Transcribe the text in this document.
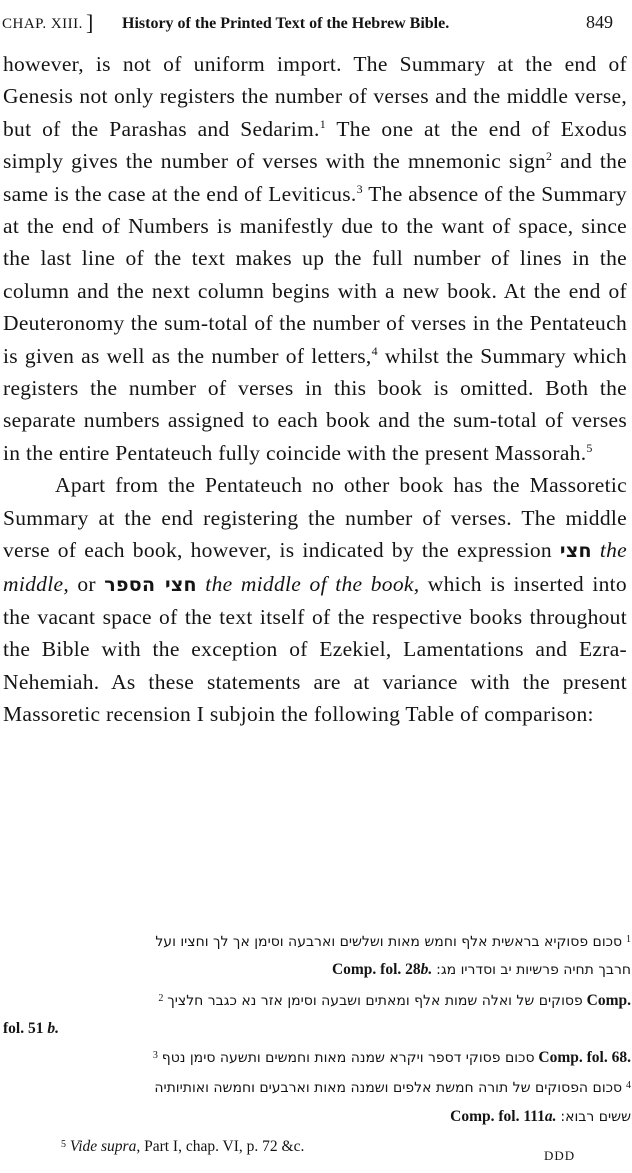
CHAP. XIII. ] History of the Printed Text of the Hebrew Bible.	849

however, is not of uniform import. The Summary at the end of Genesis not only registers the number of verses and the middle verse, but of the Parashas and Sedarim.$^1$ The one at the end of Exodus simply gives the number of verses with the mnemonic sign$^2$ and the same is the case at the end of Leviticus.$^3$ The absence of the Summary at the end of Numbers is manifestly due to the want of space, since the last line of the text makes up the full number of lines in the column and the next column begins with a new book. At the end of Deuteronomy the sum-total of the number of verses in the Pentateuch is given as well as the number of letters,$^4$ whilst the Summary which registers the number of verses in this book is omitted. Both the separate numbers assigned to each book and the sum-total of verses in the entire Pentateuch fully coincide with the present Massorah.$^5$

Apart from the Pentateuch no other book has the Massoretic Summary at the end registering the number of verses. The middle verse of each book, however, is indicated by the expression חצי the middle, or חצי הספר the middle of the book, which is inserted into the vacant space of the text itself of the respective books throughout the Bible with the exception of Ezekiel, Lamentations and Ezra-Nehemiah. As these statements are at variance with the present Massoretic recension I subjoin the following Table of comparison:

$^1$ סכום פסוקיא בראשית אלף וחמש מאות ושלשים וארבעה וסימן אך לך וחציו ועל
חרבך תחיה פרשיות יב וסדריו מג: Comp. fol. 28b.
Comp. פסוקים של ואלה שמות אלף ומאתים ושבעה וסימן אזר נא כגבר חלציך $^2$
fol. 51 b.
Comp. fol. 68. סכום פסוקי דספר ויקרא שמנה מאות וחמשים ותשעה סימן נטף $^3$
$^4$ סכום הפסוקים של תורה חמשת אלפים ושמנה מאות וארבעים וחמשה ואותיותיה
ששים רבוא: Comp. fol. 111a.
$^5$ Vide supra, Part I, chap. VI, p. 72 &c.
DDD
